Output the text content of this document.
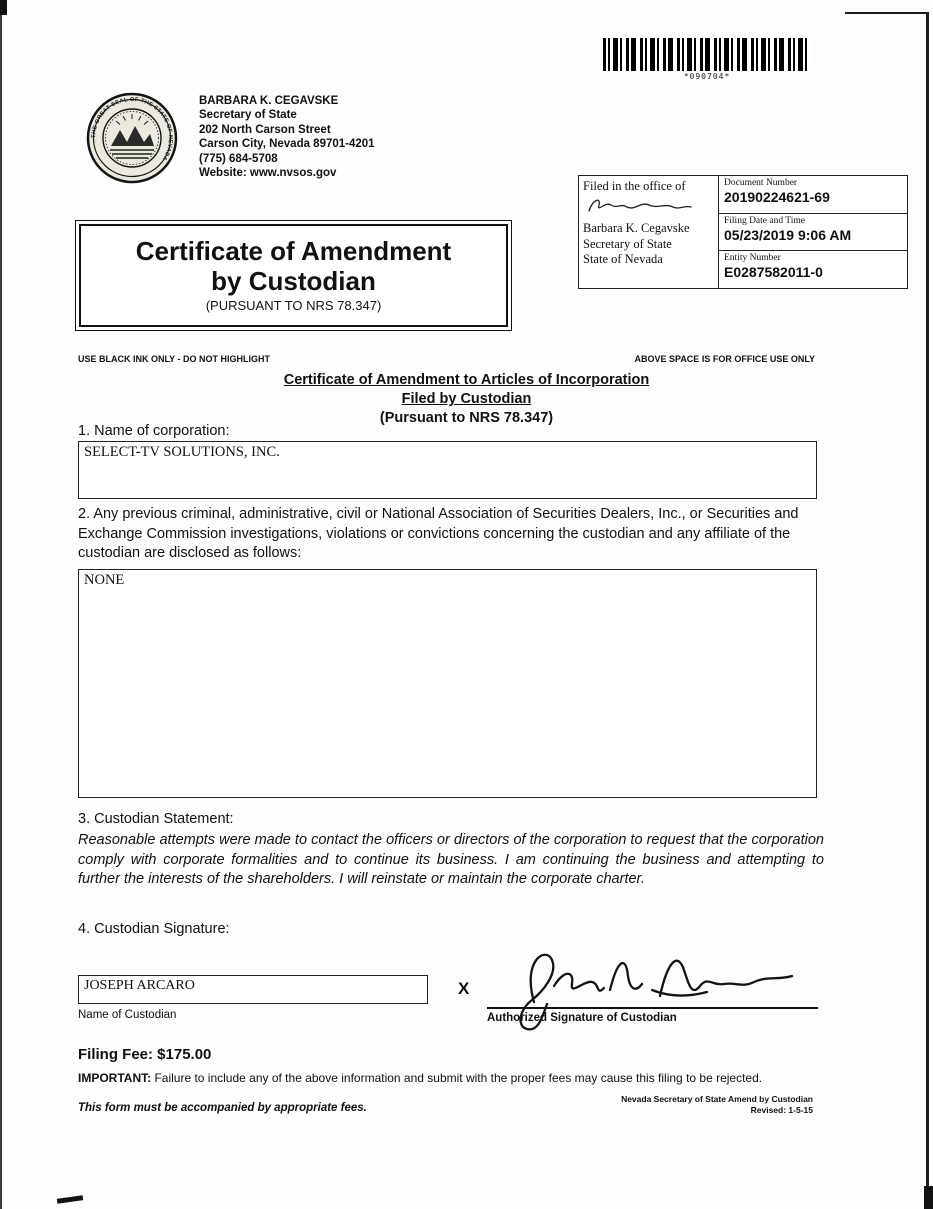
*090704*
THE GREAT SEAL OF THE STATE OF NEVADA
BARBARA K. CEGAVSKE
Secretary of State
202 North Carson Street
Carson City, Nevada 89701-4201
(775) 684-5708
Website: www.nvsos.gov
Filed in the office of
Barbara K. Cegavske
Secretary of State
State of Nevada
Document Number
20190224621-69
Filing Date and Time
05/23/2019 9:06 AM
Entity Number
E0287582011-0
Certificate of Amendment
by Custodian
(PURSUANT TO NRS 78.347)
USE BLACK INK ONLY - DO NOT HIGHLIGHT	ABOVE SPACE IS FOR OFFICE USE ONLY
Certificate of Amendment to Articles of Incorporation
Filed by Custodian
(Pursuant to NRS 78.347)
1. Name of corporation:
SELECT-TV SOLUTIONS, INC.
2. Any previous criminal, administrative, civil or National Association of Securities Dealers, Inc., or Securities and Exchange Commission investigations, violations or convictions concerning the custodian and any affiliate of the custodian are disclosed as follows:
NONE
3. Custodian Statement:
Reasonable attempts were made to contact the officers or directors of the corporation to request that the corporation comply with corporate formalities and to continue its business. I am continuing the business and attempting to further the interests of the shareholders. I will reinstate or maintain the corporate charter.
4. Custodian Signature:
JOSEPH ARCARO
Name of Custodian
X
Authorized Signature of Custodian
Filing Fee: $175.00
IMPORTANT: Failure to include any of the above information and submit with the proper fees may cause this filing to be rejected.
This form must be accompanied by appropriate fees.
Nevada Secretary of State Amend by Custodian
Revised: 1-5-15
